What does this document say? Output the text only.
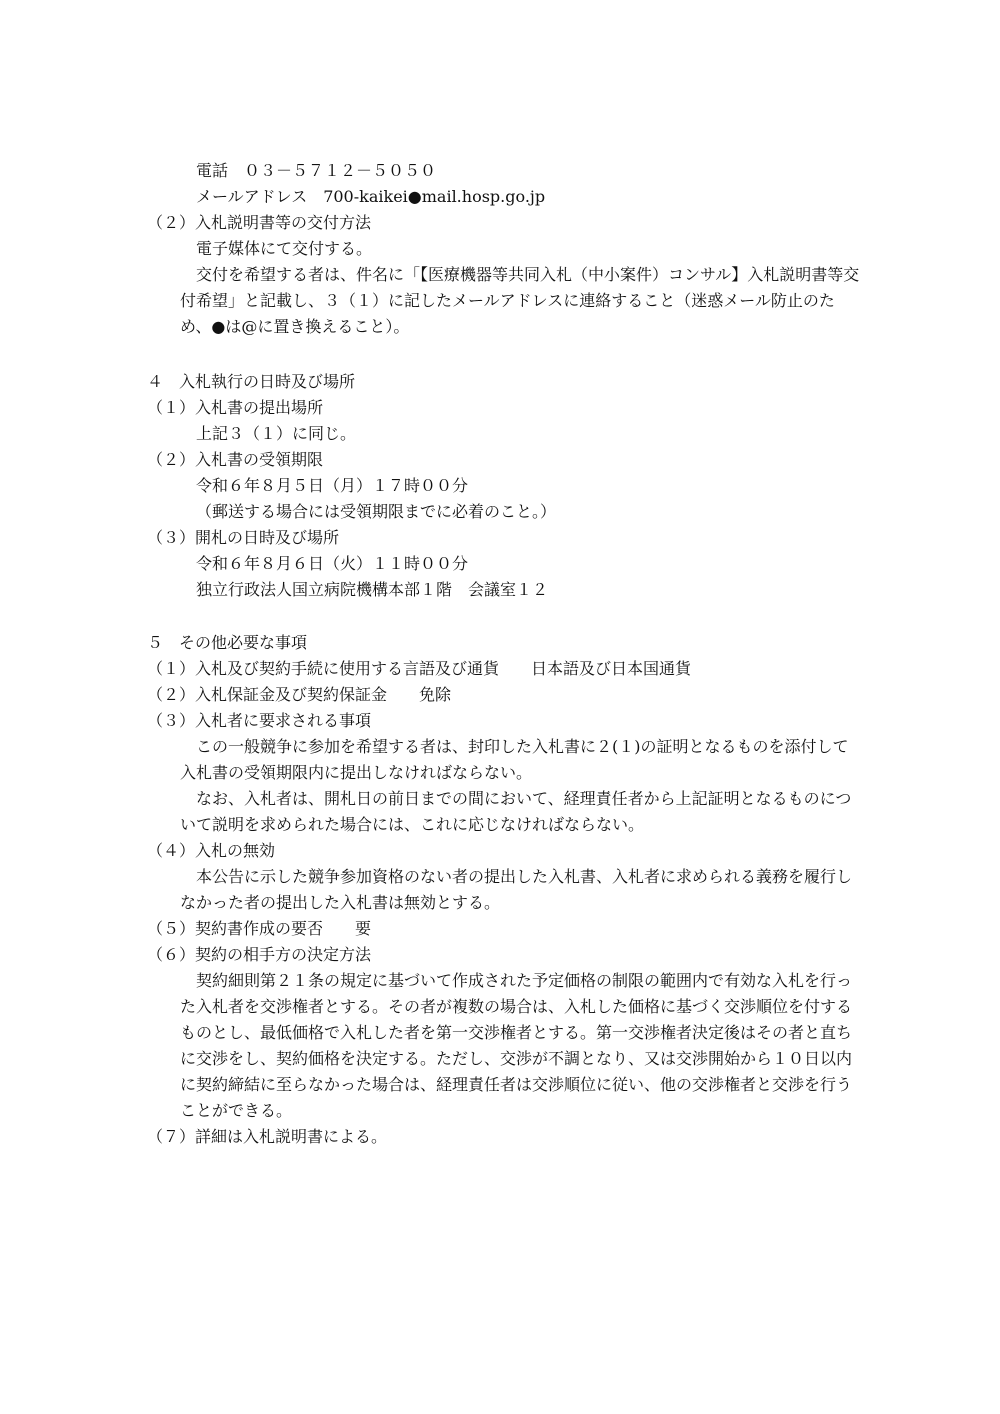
電話　０３－５７１２－５０５０
メールアドレス　700-kaikei●mail.hosp.go.jp
（２）入札説明書等の交付方法
電子媒体にて交付する。
交付を希望する者は、件名に「【医療機器等共同入札（中小案件）コンサル】入札説明書等交付希望」と記載し、３（１）に記したメールアドレスに連絡すること（迷惑メール防止のため、●は@に置き換えること）。
４　入札執行の日時及び場所
（１）入札書の提出場所
上記３（１）に同じ。
（２）入札書の受領期限
令和６年８月５日（月）１７時００分
（郵送する場合には受領期限までに必着のこと。）
（３）開札の日時及び場所
令和６年８月６日（火）１１時００分
独立行政法人国立病院機構本部１階　会議室１２
５　その他必要な事項
（１）入札及び契約手続に使用する言語及び通貨　　日本語及び日本国通貨
（２）入札保証金及び契約保証金　　免除
（３）入札者に要求される事項
この一般競争に参加を希望する者は、封印した入札書に２(１)の証明となるものを添付して入札書の受領期限内に提出しなければならない。
なお、入札者は、開札日の前日までの間において、経理責任者から上記証明となるものについて説明を求められた場合には、これに応じなければならない。
（４）入札の無効
本公告に示した競争参加資格のない者の提出した入札書、入札者に求められる義務を履行しなかった者の提出した入札書は無効とする。
（５）契約書作成の要否　　要
（６）契約の相手方の決定方法
契約細則第２１条の規定に基づいて作成された予定価格の制限の範囲内で有効な入札を行った入札者を交渉権者とする。その者が複数の場合は、入札した価格に基づく交渉順位を付するものとし、最低価格で入札した者を第一交渉権者とする。第一交渉権者決定後はその者と直ちに交渉をし、契約価格を決定する。ただし、交渉が不調となり、又は交渉開始から１０日以内に契約締結に至らなかった場合は、経理責任者は交渉順位に従い、他の交渉権者と交渉を行うことができる。
（７）詳細は入札説明書による。
